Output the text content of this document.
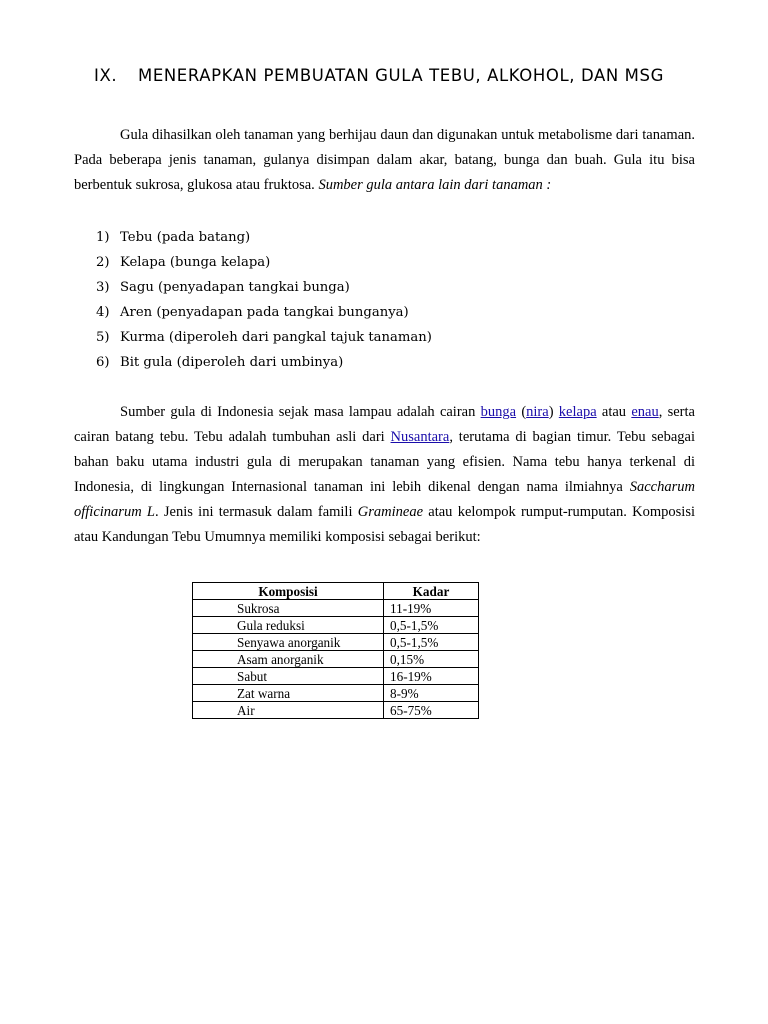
IX. MENERAPKAN PEMBUATAN GULA TEBU, ALKOHOL, DAN MSG

Gula dihasilkan oleh tanaman yang berhijau daun dan digunakan untuk metabolisme dari tanaman. Pada beberapa jenis tanaman, gulanya disimpan dalam akar, batang, bunga dan buah. Gula itu bisa berbentuk sukrosa, glukosa atau fruktosa. Sumber gula antara lain dari tanaman :

1) Tebu (pada batang)
2) Kelapa (bunga kelapa)
3) Sagu (penyadapan tangkai bunga)
4) Aren (penyadapan pada tangkai bunganya)
5) Kurma (diperoleh dari pangkal tajuk tanaman)
6) Bit gula (diperoleh dari umbinya)

Sumber gula di Indonesia sejak masa lampau adalah cairan bunga (nira) kelapa atau enau, serta cairan batang tebu. Tebu adalah tumbuhan asli dari Nusantara, terutama di bagian timur. Tebu sebagai bahan baku utama industri gula di merupakan tanaman yang efisien. Nama tebu hanya terkenal di Indonesia, di lingkungan Internasional tanaman ini lebih dikenal dengan nama ilmiahnya Saccharum officinarum L. Jenis ini termasuk dalam famili Gramineae atau kelompok rumput-rumputan. Komposisi atau Kandungan Tebu Umumnya memiliki komposisi sebagai berikut:

Komposisi	Kadar
Sukrosa	11-19%
Gula reduksi	0,5-1,5%
Senyawa anorganik	0,5-1,5%
Asam anorganik	0,15%
Sabut	16-19%
Zat warna	8-9%
Air	65-75%
